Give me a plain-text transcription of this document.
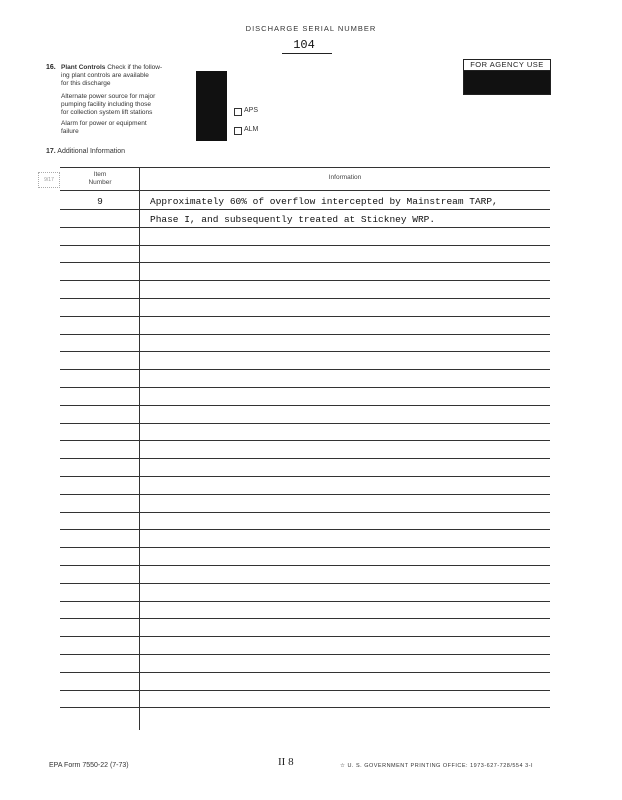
DISCHARGE SERIAL NUMBER
104
FOR AGENCY USE
16. Plant Controls Check if the follow-
ing plant controls are available
for this discharge
Alternate power source for major
pumping facility including those
for collection system lift stations
Alarm for power or equipment
failure
APS
ALM
17. Additional Information
9/17
Item
Number
Information
9	Approximately 60% of overflow intercepted by Mainstream TARP,
Phase I, and subsequently treated at Stickney WRP.
EPA Form 7550-22 (7-73)	II 8	☆ U. S. GOVERNMENT PRINTING OFFICE: 1973-627-728/554 3-I
